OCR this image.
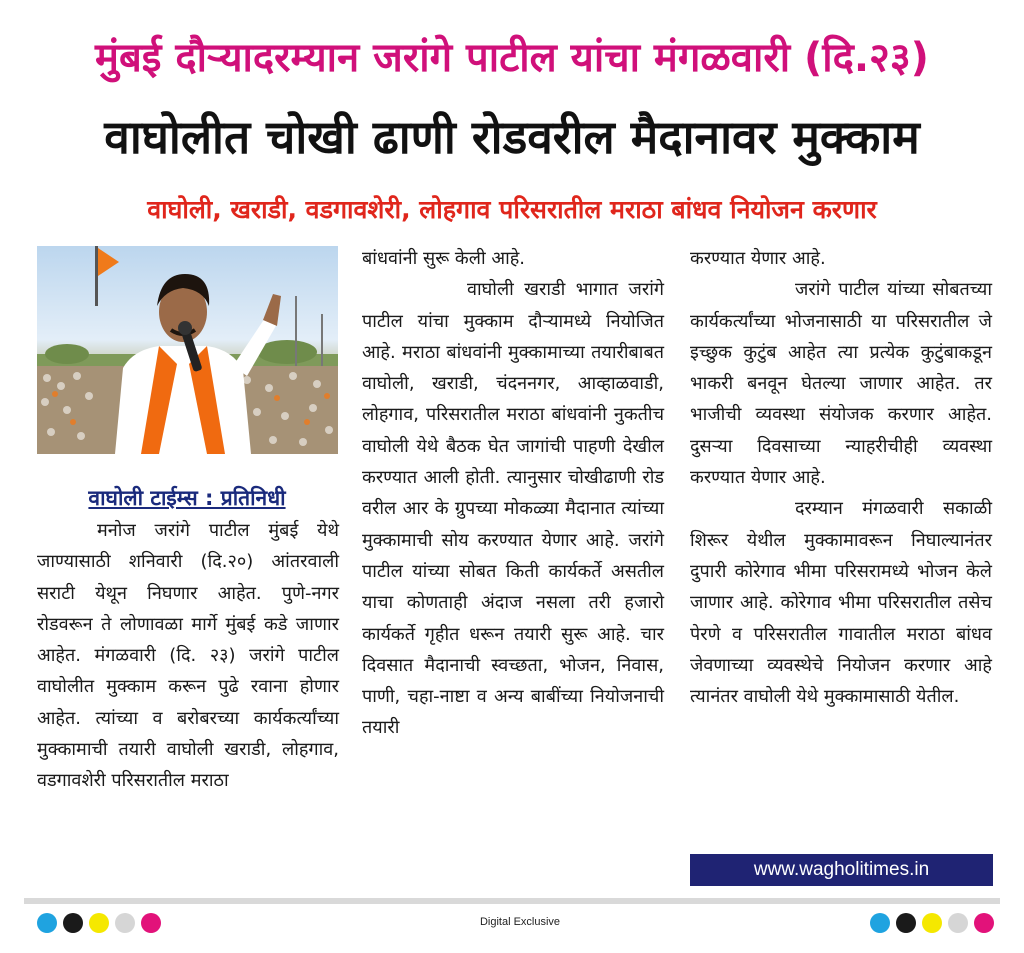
मुंबई दौऱ्यादरम्यान जरांगे पाटील यांचा मंगळवारी (दि.२३)
वाघोलीत चोखी ढाणी रोडवरील मैदानावर मुक्काम
वाघोली, खराडी, वडगावशेरी, लोहगाव परिसरातील मराठा बांधव नियोजन करणार
वाघोली टाईम्स : प्रतिनिधी

मनोज जरांगे पाटील मुंबई येथे जाण्यासाठी शनिवारी (दि.२०) आंतरवाली सराटी येथून निघणार आहेत. पुणे-नगर रोडवरून ते लोणावळा मार्गे मुंबई कडे जाणार आहेत. मंगळवारी (दि. २३) जरांगे पाटील वाघोलीत मुक्काम करून पुढे रवाना होणार आहेत. त्यांच्या व बरोबरच्या कार्यकर्त्यांच्या मुक्कामाची तयारी वाघोली खराडी, लोहगाव, वडगावशेरी परिसरातील मराठा

बांधवांनी सुरू केली आहे.

वाघोली खराडी भागात जरांगे पाटील यांचा मुक्काम दौऱ्यामध्ये नियोजित आहे. मराठा बांधवांनी मुक्कामाच्या तयारीबाबत वाघोली, खराडी, चंदननगर, आव्हाळवाडी, लोहगाव, परिसरातील मराठा बांधवांनी नुकतीच वाघोली येथे बैठक घेत जागांची पाहणी देखील करण्यात आली होती. त्यानुसार चोखीढाणी रोड वरील आर के ग्रुपच्या मोकळ्या मैदानात त्यांच्या मुक्कामाची सोय करण्यात येणार आहे. जरांगे पाटील यांच्या सोबत किती कार्यकर्ते असतील याचा कोणताही अंदाज नसला तरी हजारो कार्यकर्ते गृहीत धरून तयारी सुरू आहे. चार दिवसात मैदानाची स्वच्छता, भोजन, निवास, पाणी, चहा-नाष्टा व अन्य बाबींच्या नियोजनाची तयारी

करण्यात येणार आहे.

जरांगे पाटील यांच्या सोबतच्या कार्यकर्त्यांच्या भोजनासाठी या परिसरातील जे इच्छुक कुटुंब आहेत त्या प्रत्येक कुटुंबाकडून भाकरी बनवून घेतल्या जाणार आहेत. तर भाजीची व्यवस्था संयोजक करणार आहेत. दुसऱ्या दिवसाच्या न्याहरीचीही व्यवस्था करण्यात येणार आहे.

दरम्यान मंगळवारी सकाळी शिरूर येथील मुक्कामावरून निघाल्यानंतर दुपारी कोरेगाव भीमा परिसरामध्ये भोजन केले जाणार आहे. कोरेगाव भीमा परिसरातील तसेच पेरणे व परिसरातील गावातील मराठा बांधव जेवणाच्या व्यवस्थेचे नियोजन करणार आहे त्यानंतर वाघोली येथे मुक्कामासाठी येतील.

www.wagholitimes.in
Digital Exclusive
